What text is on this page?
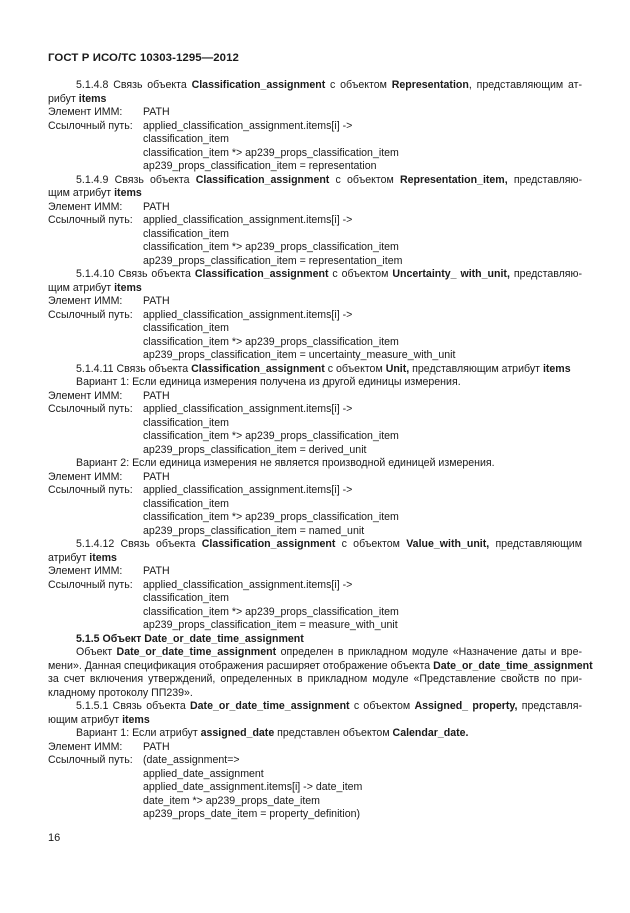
ГОСТ Р ИСО/ТС 10303-1295—2012
5.1.4.8 Связь объекта Classification_assignment с объектом Representation, представляющим ат-
рибут items
Элемент ИММ:	PATH
Ссылочный путь: applied_classification_assignment.items[i] ->
classification_item
classification_item *> ap239_props_classification_item
ap239_props_classification_item = representation
5.1.4.9 Связь объекта Classification_assignment с объектом Representation_item, представляю-
щим атрибут items
Элемент ИММ:	PATH
Ссылочный путь: applied_classification_assignment.items[i] ->
classification_item
classification_item *> ap239_props_classification_item
ap239_props_classification_item = representation_item
5.1.4.10 Связь объекта Classification_assignment с объектом Uncertainty_ with_unit, представляю-
щим атрибут items
Элемент ИММ:	PATH
Ссылочный путь: applied_classification_assignment.items[i] ->
classification_item
classification_item *> ap239_props_classification_item
ap239_props_classification_item = uncertainty_measure_with_unit
5.1.4.11 Связь объекта Classification_assignment с объектом Unit, представляющим атрибут items
Вариант 1: Если единица измерения получена из другой единицы измерения.
Элемент ИММ:	PATH
Ссылочный путь: applied_classification_assignment.items[i] ->
classification_item
classification_item *> ap239_props_classification_item
ap239_props_classification_item = derived_unit
Вариант 2: Если единица измерения не является производной единицей измерения.
Элемент ИММ:	PATH
Ссылочный путь: applied_classification_assignment.items[i] ->
classification_item
classification_item *> ap239_props_classification_item
ap239_props_classification_item = named_unit
5.1.4.12 Связь объекта Classification_assignment с объектом Value_with_unit, представляющим
атрибут items
Элемент ИММ:	PATH
Ссылочный путь: applied_classification_assignment.items[i] ->
classification_item
classification_item *> ap239_props_classification_item
ap239_props_classification_item = measure_with_unit
5.1.5 Объект Date_or_date_time_assignment
Объект Date_or_date_time_assignment определен в прикладном модуле «Назначение даты и вре-
мени». Данная спецификация отображения расширяет отображение объекта Date_or_date_time_assignment
за счет включения утверждений, определенных в прикладном модуле «Представление свойств по при-
кладному протоколу ПП239».
5.1.5.1 Связь объекта Date_or_date_time_assignment с объектом Assigned_ property, представля-
ющим атрибут items
Вариант 1: Если атрибут assigned_date представлен объектом Calendar_date.
Элемент ИММ:	PATH
Ссылочный путь: (date_assignment=>
applied_date_assignment
applied_date_assignment.items[i] -> date_item
date_item *> ap239_props_date_item
ap239_props_date_item = property_definition)
16
